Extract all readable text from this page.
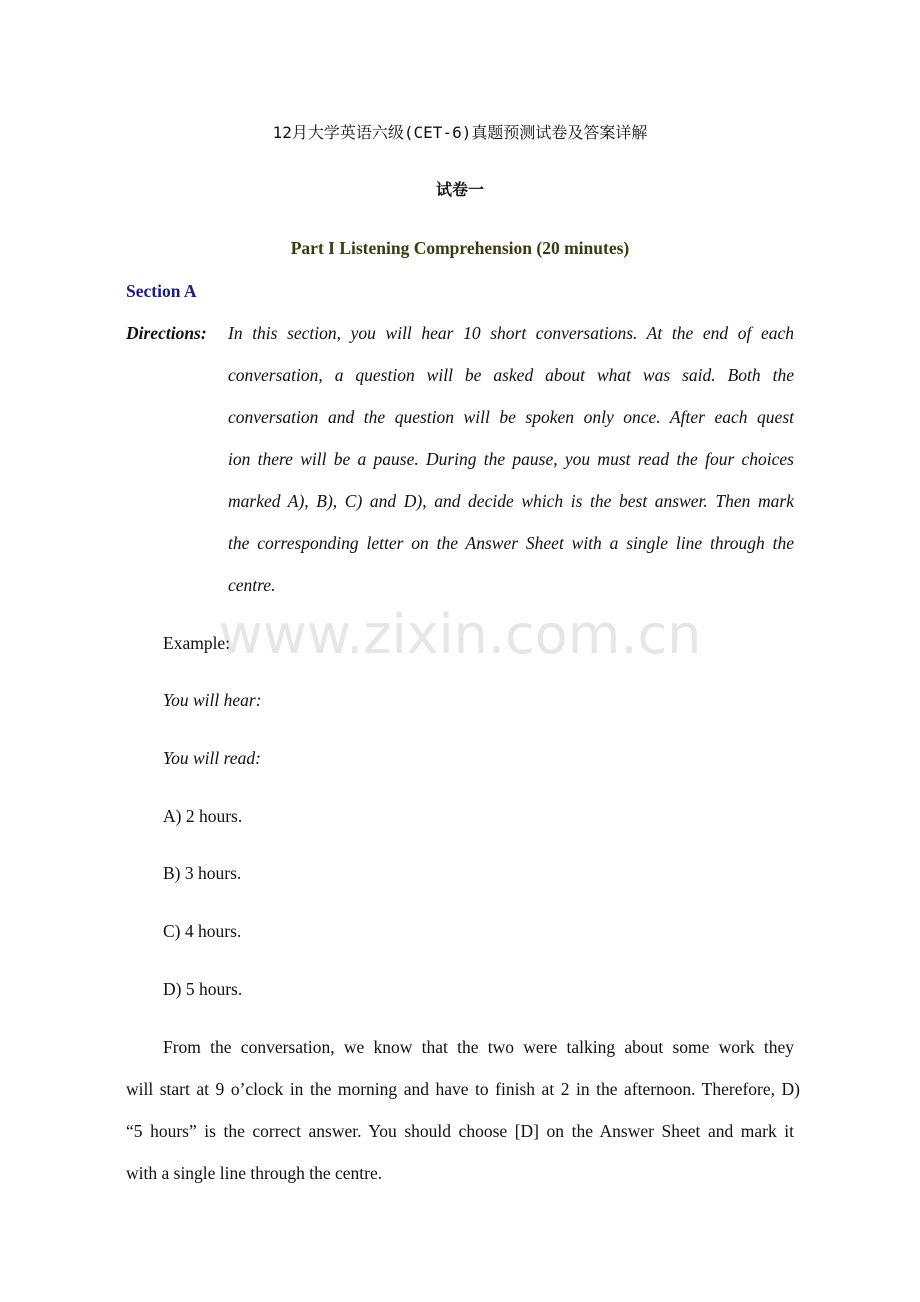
12月大学英语六级(CET-6)真题预测试卷及答案详解
试卷一
Part I Listening Comprehension (20 minutes)
Section A
Directions: In this section, you will hear 10 short conversations. At the end of each
conversation, a question will be asked about what was said. Both the
conversation and the question will be spoken only once. After each quest
ion there will be a pause. During the pause, you must read the four choices
marked A), B), C) and D), and decide which is the best answer. Then mark
the corresponding letter on the Answer Sheet with a single line through the
centre.
www.zixin.com.cn
Example:
You will hear:
You will read:
A) 2 hours.
B) 3 hours.
C) 4 hours.
D) 5 hours.
From the conversation, we know that the two were talking about some work they
will start at 9 o’clock in the morning and have to finish at 2 in the afternoon. Therefore, D)
“5 hours” is the correct answer. You should choose [D] on the Answer Sheet and mark it
with a single line through the centre.
